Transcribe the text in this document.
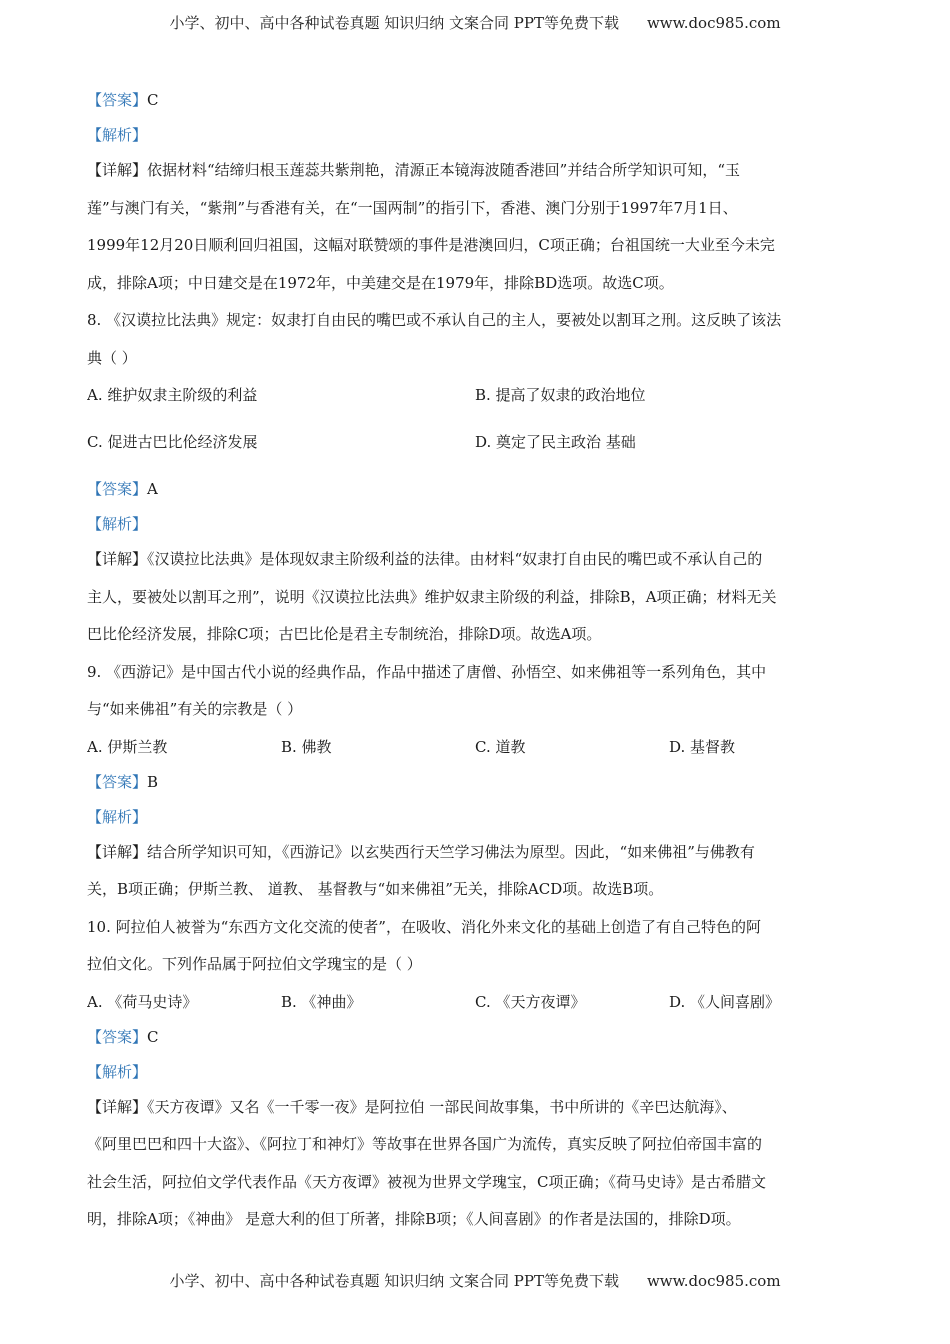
小学、初中、高中各种试卷真题 知识归纳 文案合同 PPT等免费下载 www.doc985.com
【答案】C
【解析】
【详解】依据材料“结缔归根玉莲蕊共紫荆艳，清源正本镜海波随香港回”并结合所学知识可知，“玉
莲”与澳门有关，“紫荆”与香港有关，在“一国两制”的指引下，香港、澳门分别于1997年7月1日、
1999年12月20日顺利回归祖国，这幅对联赞颂的事件是港澳回归，C项正确；台祖国统一大业至今未完
成，排除A项；中日建交是在1972年，中美建交是在1979年，排除BD选项。故选C项。
8. 《汉谟拉比法典》规定：奴隶打自由民的嘴巴或不承认自己的主人，要被处以割耳之刑。这反映了该法
典（ ）
A. 维护奴隶主阶级的利益	B. 提高了奴隶的政治地位
C. 促进古巴比伦经济发展	D. 奠定了民主政治 基础
【答案】A
【解析】
【详解】《汉谟拉比法典》是体现奴隶主阶级利益的法律。由材料“奴隶打自由民的嘴巴或不承认自己的
主人，要被处以割耳之刑”，说明《汉谟拉比法典》维护奴隶主阶级的利益，排除B，A项正确；材料无关
巴比伦经济发展，排除C项；古巴比伦是君主专制统治，排除D项。故选A项。
9. 《西游记》是中国古代小说的经典作品，作品中描述了唐僧、孙悟空、如来佛祖等一系列角色，其中
与“如来佛祖”有关的宗教是（ ）
A. 伊斯兰教	B. 佛教	C. 道教	D. 基督教
【答案】B
【解析】
【详解】结合所学知识可知，《西游记》以玄奘西行天竺学习佛法为原型。因此，“如来佛祖”与佛教有
关，B项正确；伊斯兰教、 道教、 基督教与“如来佛祖”无关，排除ACD项。故选B项。
10. 阿拉伯人被誉为“东西方文化交流的使者”，在吸收、消化外来文化的基础上创造了有自己特色的阿
拉伯文化。下列作品属于阿拉伯文学瑰宝的是（ ）
A. 《荷马史诗》	B. 《神曲》	C. 《天方夜谭》	D. 《人间喜剧》
【答案】C
【解析】
【详解】《天方夜谭》又名《一千零一夜》是阿拉伯 一部民间故事集，书中所讲的《辛巴达航海》、
《阿里巴巴和四十大盗》、《阿拉丁和神灯》等故事在世界各国广为流传，真实反映了阿拉伯帝国丰富的
社会生活，阿拉伯文学代表作品《天方夜谭》被视为世界文学瑰宝，C项正确；《荷马史诗》是古希腊文
明，排除A项；《神曲》 是意大利的但丁所著，排除B项；《人间喜剧》的作者是法国的，排除D项。
小学、初中、高中各种试卷真题 知识归纳 文案合同 PPT等免费下载 www.doc985.com
